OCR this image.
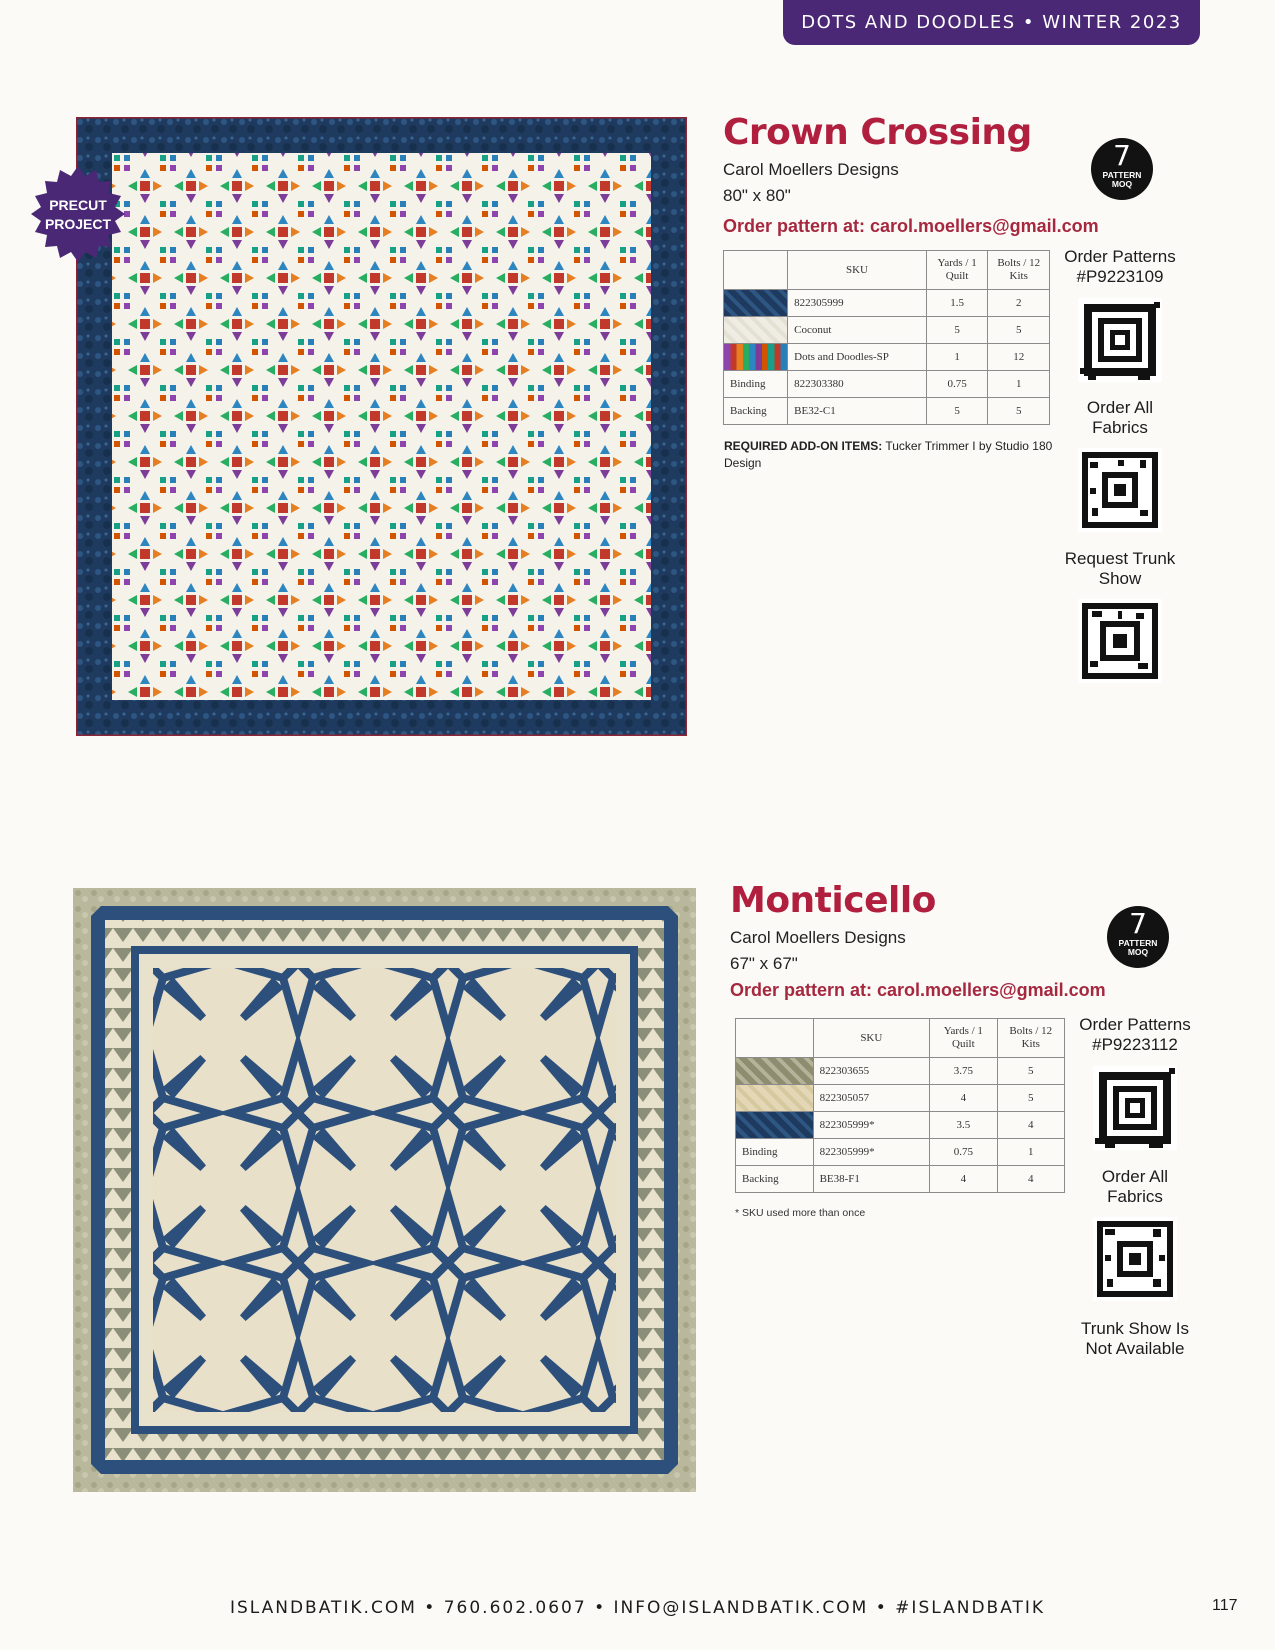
DOTS AND DOODLES • WINTER 2023
PRECUT
PROJECT
Crown Crossing
Carol Moellers Designs
80" x 80"
Order pattern at: carol.moellers@gmail.com
7
PATTERN
MOQ
	SKU	Yards / 1 Quilt	Bolts / 12 Kits

	822305999	1.5	2

	Coconut	5	5

	Dots and Doodles-SP	1	12
Binding	822303380	0.75	1
Backing	BE32-C1	5	5
REQUIRED ADD-ON ITEMS: Tucker Trimmer I by Studio 180 Design
Order Patterns
#P9223109
Order All
Fabrics
Request Trunk
Show
Monticello
Carol Moellers Designs
67" x 67"
Order pattern at: carol.moellers@gmail.com
7
PATTERN
MOQ
	SKU	Yards / 1 Quilt	Bolts / 12 Kits

	822303655	3.75	5

	822305057	4	5

	822305999*	3.5	4
Binding	822305999*	0.75	1
Backing	BE38-F1	4	4
* SKU used more than once
Order Patterns
#P9223112
Order All
Fabrics
Trunk Show Is
Not Available
ISLANDBATIK.COM • 760.602.0607 • INFO@ISLANDBATIK.COM • #ISLANDBATIK	117
